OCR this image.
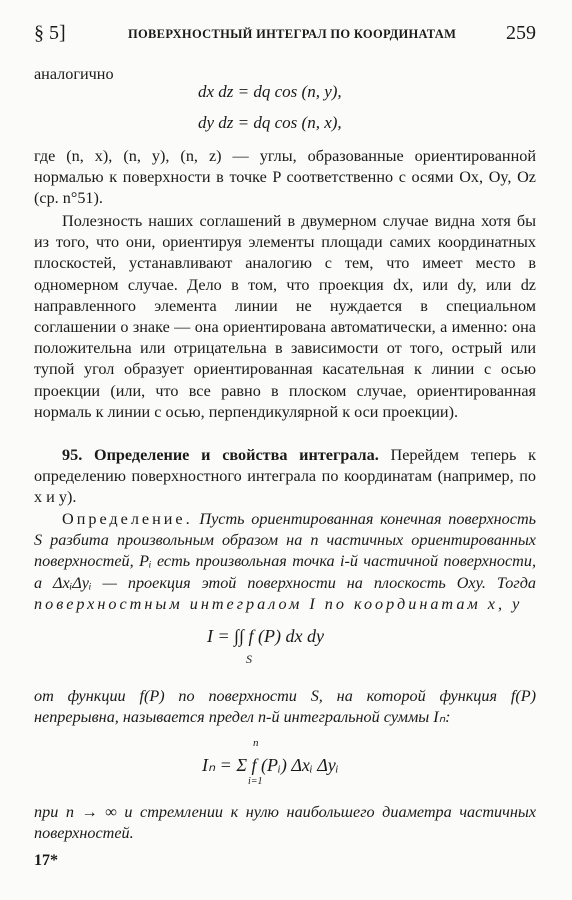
§ 5]	ПОВЕРХНОСТНЫЙ ИНТЕГРАЛ ПО КООРДИНАТАМ 259
аналогично
dx dz = dq cos (n, y),
dy dz = dq cos (n, x),
где (n, x), (n, y), (n, z) — углы, образованные ориентированной нормалью к поверхности в точке P соответственно с осями Ox, Oy, Oz (ср. n°51).
Полезность наших соглашений в двумерном случае видна хотя бы из того, что они, ориентируя элементы площади самих координатных плоскостей, устанавливают аналогию с тем, что имеет место в одномерном случае. Дело в том, что проекция dx, или dy, или dz направленного элемента линии не нуждается в специальном соглашении о знаке — она ориентирована автоматически, а именно: она положительна или отрицательна в зависимости от того, острый или тупой угол образует ориентированная касательная к линии с осью проекции (или, что все равно в плоском случае, ориентированная нормаль к линии с осью, перпендикулярной к оси проекции).
95. Определение и свойства интеграла. Перейдем теперь к определению поверхностного интеграла по координатам (например, по x и y).
Определение. Пусть ориентированная конечная поверхность S разбита произвольным образом на n частичных ориентированных поверхностей, Pᵢ есть произвольная точка i-й частичной поверхности, а ΔxᵢΔyᵢ — проекция этой поверхности на плоскость Oxy. Тогда поверхностным интегралом I по координатам x, y
I = ∫∫ f (P) dx dy
S
от функции f(P) по поверхности S, на которой функция f(P) непрерывна, называется предел n-й интегральной суммы Iₙ:
n
Iₙ = Σ f (Pᵢ) Δxᵢ Δyᵢ
i=1
при n → ∞ и стремлении к нулю наибольшего диаметра частичных поверхностей.
17*
